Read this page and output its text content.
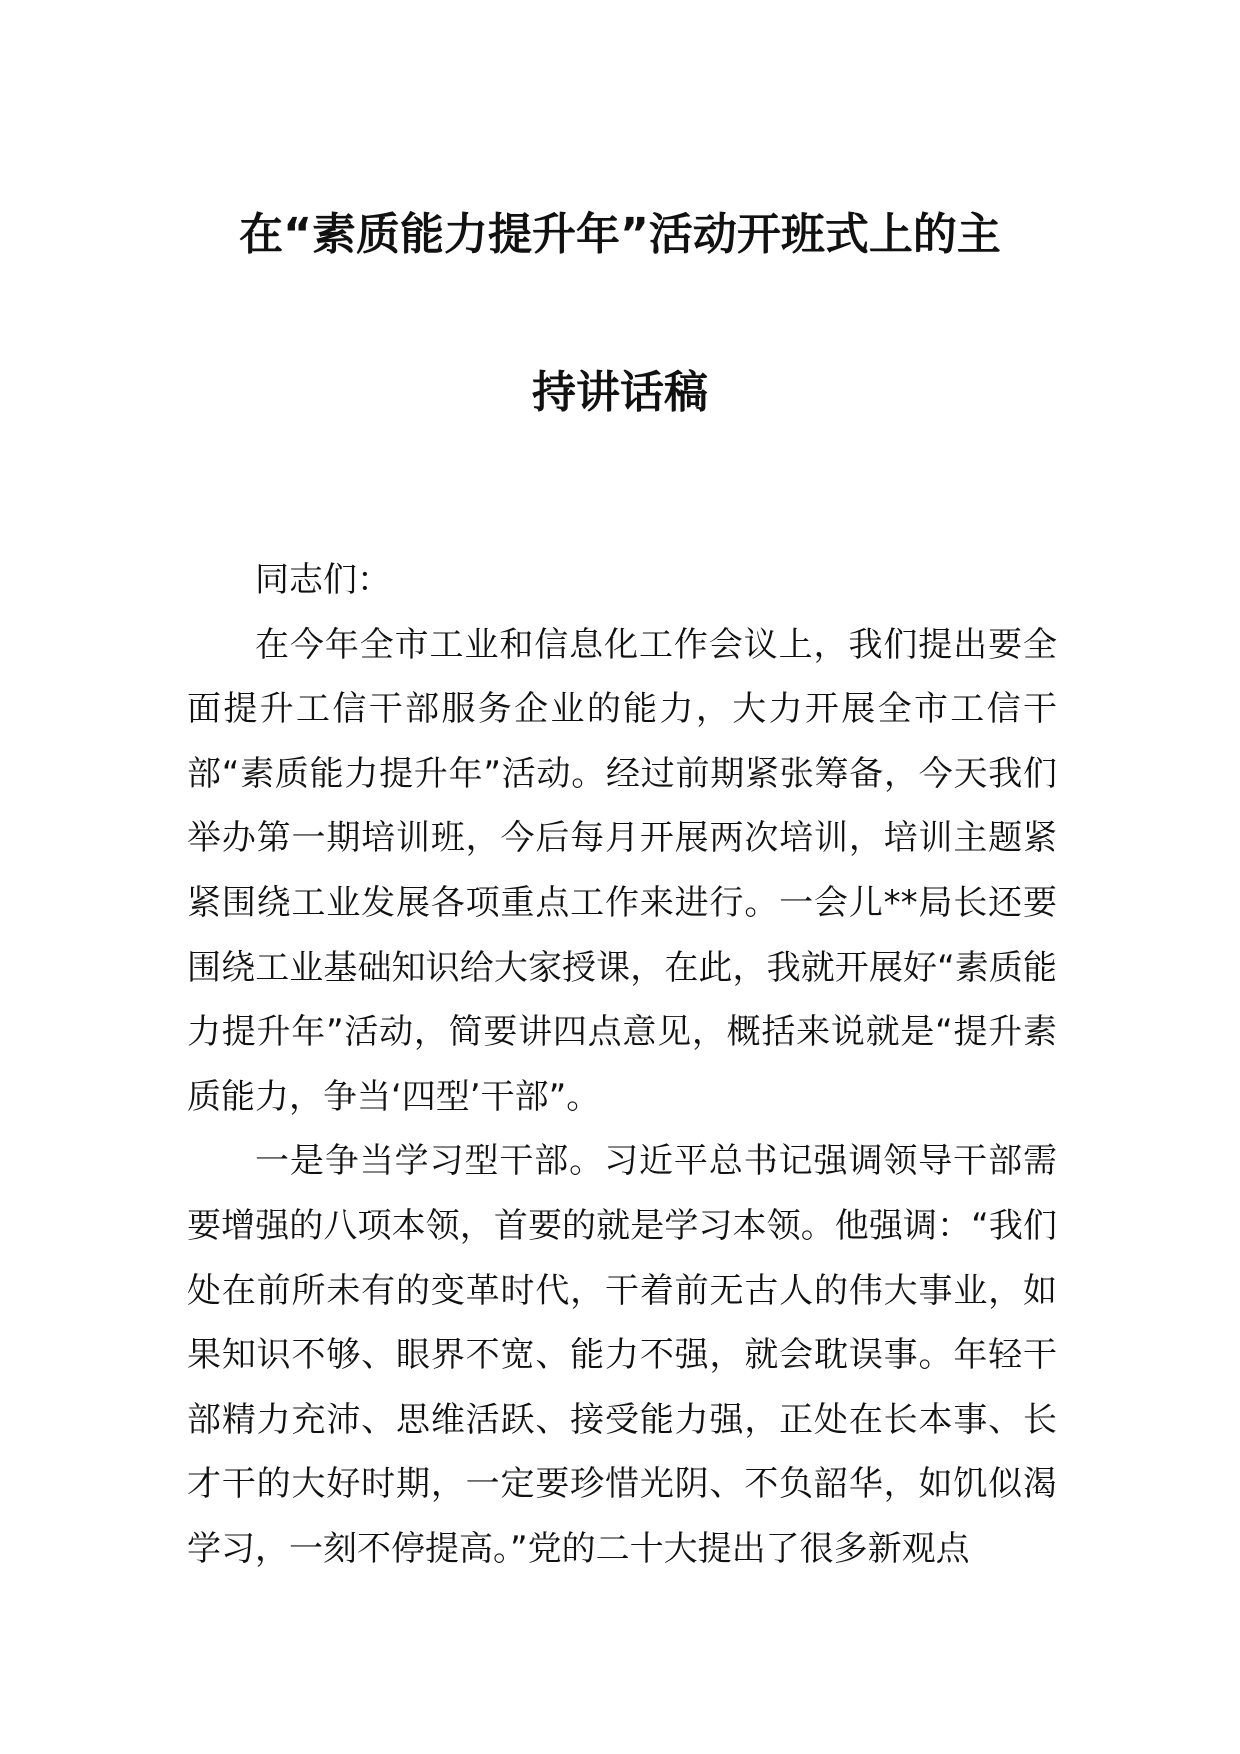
在“素质能力提升年”活动开班式上的主
持讲话稿

同志们：

在今年全市工业和信息化工作会议上，我们提出要全面提升工信干部服务企业的能力，大力开展全市工信干部“素质能力提升年”活动。经过前期紧张筹备，今天我们举办第一期培训班，今后每月开展两次培训，培训主题紧紧围绕工业发展各项重点工作来进行。一会儿**局长还要围绕工业基础知识给大家授课，在此，我就开展好“素质能力提升年”活动，简要讲四点意见，概括来说就是“提升素质能力，争当‘四型’干部”。

一是争当学习型干部。习近平总书记强调领导干部需要增强的八项本领，首要的就是学习本领。他强调：“我们处在前所未有的变革时代，干着前无古人的伟大事业，如果知识不够、眼界不宽、能力不强，就会耽误事。年轻干部精力充沛、思维活跃、接受能力强，正处在长本事、长才干的大好时期，一定要珍惜光阴、不负韶华，如饥似渴学习，一刻不停提高。”党的二十大提出了很多新观点
